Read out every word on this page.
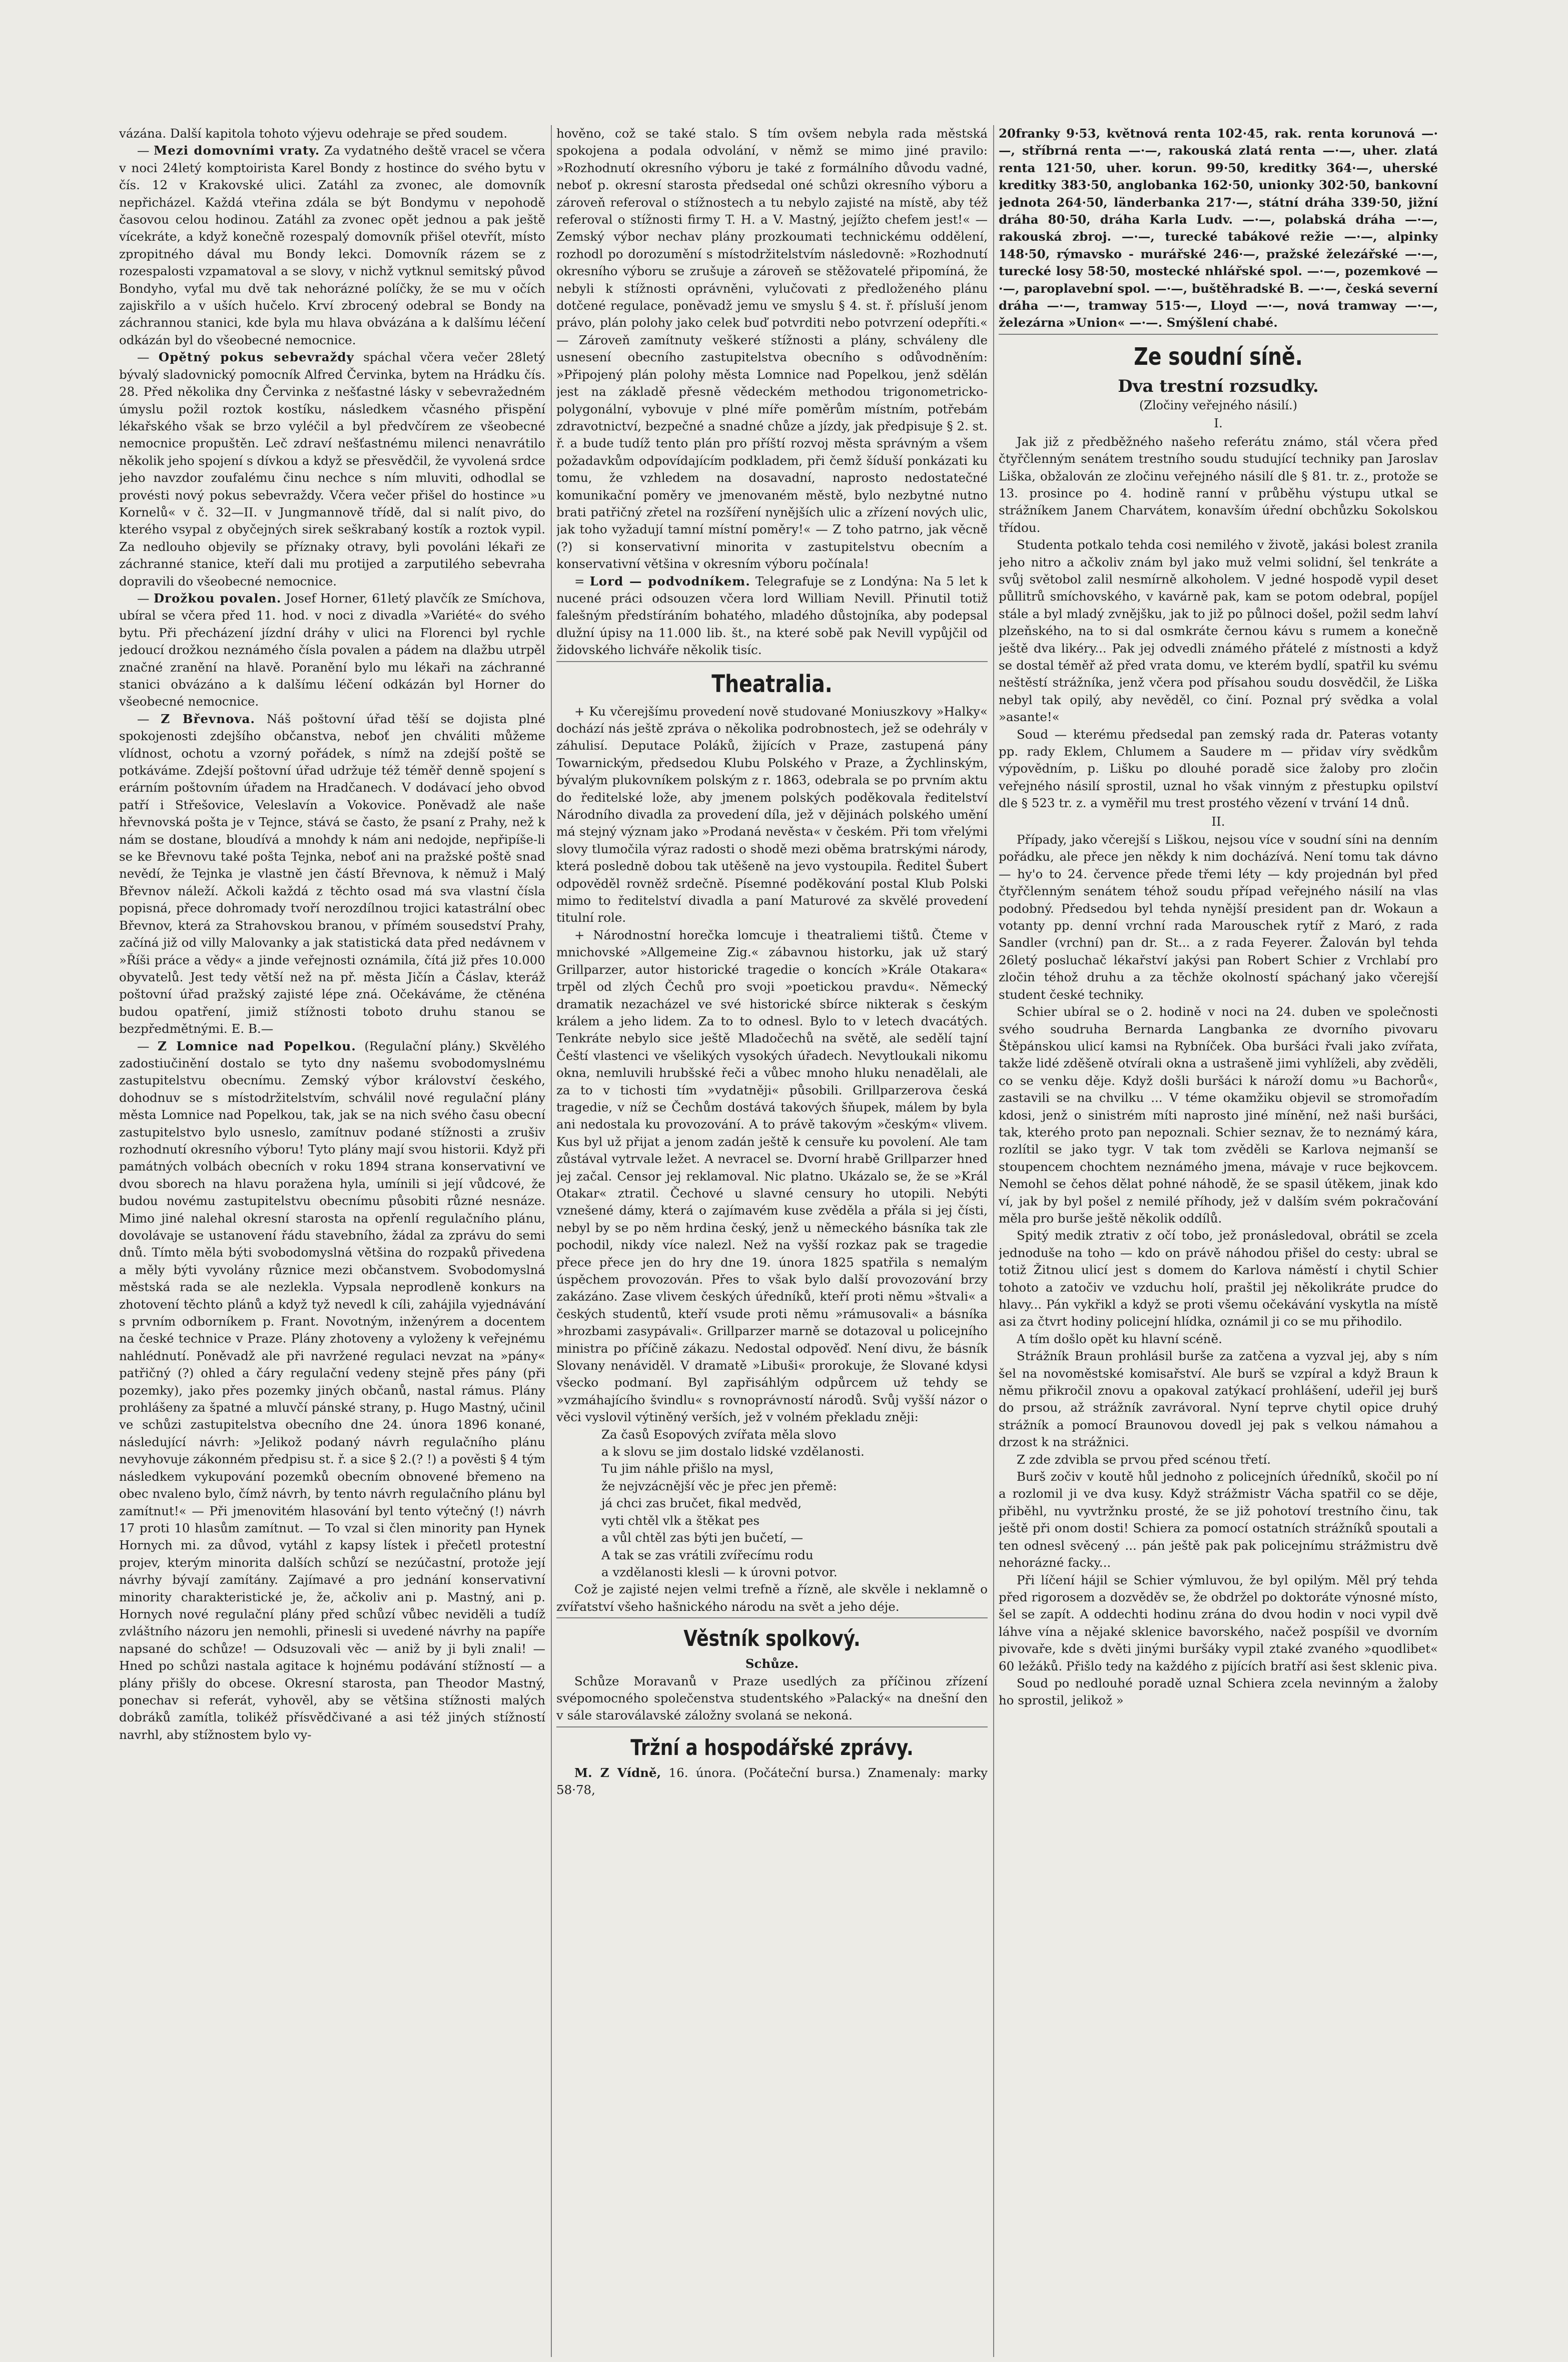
vázána. Další kapitola tohoto výjevu odehraje se před soudem.

— Mezi domovními vraty. Za vydatného deště vracel se včera v noci 24letý komptoirista Karel Bondy z hostince do svého bytu v čís. 12 v Krakovské ulici. Zatáhl za zvonec, ale domovník nepřicházel. Každá vteřina zdála se být Bondymu v nepohodě časovou celou hodinou. Zatáhl za zvonec opět jednou a pak ještě vícekráte, a když konečně rozespalý domovník přišel otevřít, místo zpropitného dával mu Bondy lekci. Domovník rázem se z rozespalosti vzpamatoval a se slovy, v nichž vytknul semitský původ Bondyho, vyťal mu dvě tak nehorázné políčky, že se mu v očích zajiskřilo a v uších hučelo. Krví zbrocený odebral se Bondy na záchrannou stanici, kde byla mu hlava obvázána a k dalšímu léčení odkázán byl do všeobecné nemocnice.

— Opětný pokus sebevraždy spáchal včera večer 28letý bývalý sladovnický pomocník Alfred Červinka, bytem na Hrádku čís. 28. Před několika dny Červinka z nešťastné lásky v sebevražedném úmyslu požil roztok kostíku, následkem včasného přispění lékařského však se brzo vyléčil a byl předvčírem ze všeobecné nemocnice propuštěn. Leč zdraví nešťastnému milenci nenavrátilo několik jeho spojení s dívkou a když se přesvědčil, že vyvolená srdce jeho navzdor zoufalému činu nechce s ním mluviti, odhodlal se provésti nový pokus sebevraždy. Včera večer přišel do hostince »u Kornelů« v č. 32—II. v Jungmannově třídě, dal si nalít pivo, do kterého vsypal z obyčejných sirek seškrabaný kostík a roztok vypil. Za nedlouho objevily se příznaky otravy, byli povoláni lékaři ze záchranné stanice, kteří dali mu protijed a zarputilého sebevraha dopravili do všeobecné nemocnice.

— Drožkou povalen. Josef Horner, 61letý plavčík ze Smíchova, ubíral se včera před 11. hod. v noci z divadla »Variété« do svého bytu. Při přecházení jízdní dráhy v ulici na Florenci byl rychle jedoucí drožkou neznámého čísla povalen a pádem na dlažbu utrpěl značné zranění na hlavě. Poranění bylo mu lékaři na záchranné stanici obvázáno a k dalšímu léčení odkázán byl Horner do všeobecné nemocnice.

— Z Břevnova. Náš poštovní úřad těší se dojista plné spokojenosti zdejšího občanstva, neboť jen chváliti můžeme vlídnost, ochotu a vzorný pořádek, s nímž na zdejší poště se potkáváme. Zdejší poštovní úřad udržuje též téměř denně spojení s erárním poštovním úřadem na Hradčanech. V dodávací jeho obvod patří i Střešovice, Veleslavín a Vokovice. Poněvadž ale naše hřevnovská pošta je v Tejnce, stává se často, že psaní z Prahy, než k nám se dostane, bloudívá a mnohdy k nám ani nedojde, nepřipíše-li se ke Břevnovu také pošta Tejnka, neboť ani na pražské poště snad nevědí, že Tejnka je vlastně jen částí Břevnova, k němuž i Malý Břevnov náleží. Ačkoli každá z těchto osad má sva vlastní čísla popisná, přece dohromady tvoří nerozdílnou trojici katastrální obec Břevnov, která za Strahovskou branou, v přímém sousedství Prahy, začíná již od villy Malovanky a jak statistická data před nedávnem v »Říši práce a vědy« a jinde veřejnosti oznámila, čítá již přes 10.000 obyvatelů. Jest tedy větší než na př. města Jičín a Čáslav, kteráž poštovní úřad pražský zajisté lépe zná. Očekáváme, že ctěnéna budou opatření, jimiž stížnosti toboto druhu stanou se bezpředmětnými. E. B.—

— Z Lomnice nad Popelkou. (Regulační plány.) Skvělého zadostiučinění dostalo se tyto dny našemu svobodomyslnému zastupitelstvu obecnímu. Zemský výbor království českého, dohodnuv se s místodržitelstvím, schválil nové regulační plány města Lomnice nad Popelkou, tak, jak se na nich svého času obecní zastupitelstvo bylo usneslo, zamítnuv podané stížnosti a zrušiv rozhodnutí okresního výboru! Tyto plány mají svou historii. Když při památných volbách obecních v roku 1894 strana konservativní ve dvou sborech na hlavu poražena hyla, umínili si její vůdcové, že budou novému zastupitelstvu obecnímu působiti různé nesnáze. Mimo jiné nalehal okresní starosta na opřenlí regulačního plánu, dovolávaje se ustanovení řádu stavebního, žádal za zprávu do semi dnů. Tímto měla býti svobodomyslná většina do rozpaků přivedena a měly býti vyvolány různice mezi občanstvem. Svobodomyslná městská rada se ale nezlekla. Vypsala neprodleně konkurs na zhotovení těchto plánů a když tyž nevedl k cíli, zahájila vyjednávání s prvním odborníkem p. Frant. Novotným, inženýrem a docentem na české technice v Praze. Plány zhotoveny a vyloženy k veřejnému nahlédnutí. Poněvadž ale při navržené regulaci nevzat na »pány« patřičný (?) ohled a čáry regulační vedeny stejně přes pány (při pozemky), jako přes pozemky jiných občanů, nastal rámus. Plány prohlášeny za špatné a mluvčí pánské strany, p. Hugo Mastný, učinil ve schůzi zastupitelstva obecního dne 24. února 1896 konané, následující návrh: »Jelikož podaný návrh regulačního plánu nevyhovuje zákonném předpisu st. ř. a sice § 2.(? !) a pověsti § 4 tým následkem vykupování pozemků obecním obnovené břemeno na obec nvaleno bylo, čímž návrh, by tento návrh regulačního plánu byl zamítnut!« — Při jmenovitém hlasování byl tento výtečný (!) návrh 17 proti 10 hlasům zamítnut. — To vzal si člen minority pan Hynek Hornych mi. za důvod, vytáhl z kapsy lístek i přečetl protestní projev, kterým minorita dalších schůzí se nezúčastní, protože její návrhy bývají zamítány. Zajímavé a pro jednání konservativní minority charakteristické je, že, ačkoliv ani p. Mastný, ani p. Hornych nové regulační plány před schůzí vůbec neviděli a tudíž zvláštního názoru jen nemohli, přinesli si uvedené návrhy na papíře napsané do schůze! — Odsuzovali věc — aniž by ji byli znali! — Hned po schůzi nastala agitace k hojnému podávání stížností — a plány přišly do obcese. Okresní starosta, pan Theodor Mastný, ponechav si referát, vyhověl, aby se většina stížnosti malých dobráků zamítla, tolikéž přísvědčivané a asi též jiných stížností navrhl, aby stížnostem bylo vy-

hověno, což se také stalo. S tím ovšem nebyla rada městská spokojena a podala odvolání, v němž se mimo jiné pravilo: »Rozhodnutí okresního výboru je také z formálního důvodu vadné, neboť p. okresní starosta předsedal oné schůzi okresního výboru a zároveň referoval o stížnostech a tu nebylo zajisté na místě, aby též referoval o stížnosti firmy T. H. a V. Mastný, jejížto chefem jest!« — Zemský výbor nechav plány prozkoumati technickému oddělení, rozhodl po dorozumění s místodržitelstvím následovně: »Rozhodnutí okresního výboru se zrušuje a zároveň se stěžovatelé připomíná, že nebyli k stížnosti oprávněni, vylučovati z předloženého plánu dotčené regulace, poněvadž jemu ve smyslu § 4. st. ř. přísluší jenom právo, plán polohy jako celek buď potvrditi nebo potvrzení odepříti.« — Zároveň zamítnuty veškeré stížnosti a plány, schváleny dle usnesení obecního zastupitelstva obecního s odůvodněním: »Připojený plán polohy města Lomnice nad Popelkou, jenž sdělán jest na základě přesně vědeckém methodou trigonometricko-polygonální, vybovuje v plné míře poměrům místním, potřebám zdravotnictví, bezpečné a snadné chůze a jízdy, jak předpisuje § 2. st. ř. a bude tudíž tento plán pro příští rozvoj města správným a všem požadavkům odpovídajícím podkladem, při čemž šíduší ponkázati ku tomu, že vzhledem na dosavadní, naprosto nedostatečné komunikační poměry ve jmenovaném městě, bylo nezbytné nutno brati patřičný zřetel na rozšíření nynějších ulic a zřízení nových ulic, jak toho vyžadují tamní místní poměry!« — Z toho patrno, jak věcně (?) si konservativní minorita v zastupitelstvu obecním a konservativní většina v okresním výboru počínala!

= Lord — podvodníkem. Telegrafuje se z Londýna: Na 5 let k nucené práci odsouzen včera lord William Nevill. Přinutil totiž falešným předstíráním bohatého, mladého důstojníka, aby podepsal dlužní úpisy na 11.000 lib. št., na které sobě pak Nevill vypůjčil od židovského lichváře několik tisíc.

Theatralia.

+ Ku včerejšímu provedení nově studované Moniuszkovy »Halky« dochází nás ještě zpráva o několika podrobnostech, jež se odehrály v záhulisí. Deputace Poláků, žijících v Praze, zastupená pány Towarnickým, předsedou Klubu Polského v Praze, a Żychlinským, bývalým plukovníkem polským z r. 1863, odebrala se po prvním aktu do ředitelské lože, aby jmenem polských poděkovala ředitelství Národního divadla za provedení díla, jež v dějinách polského umění má stejný význam jako »Prodaná nevěsta« v českém. Při tom vřelými slovy tlumočila výraz radosti o shodě mezi oběma bratrskými národy, která posledně dobou tak utěšeně na jevo vystoupila. Ředitel Šubert odpověděl rovněž srdečně. Písemné poděkování postal Klub Polski mimo to ředitelství divadla a paní Maturové za skvělé provedení titulní role.

+ Národnostní horečka lomcuje i theatraliemi tištů. Čteme v mnichovské »Allgemeine Zig.« zábavnou historku, jak už starý Grillparzer, autor historické tragedie o koncích »Krále Otakara« trpěl od zlých Čechů pro svoji »poetickou pravdu«. Německý dramatik nezacházel ve své historické sbírce nikterak s českým králem a jeho lidem. Za to to odnesl. Bylo to v letech dvacátých. Tenkráte nebylo sice ještě Mladočechů na světě, ale sedělí tajní Čeští vlastenci ve všelikých vysokých úřadech. Nevytloukali nikomu okna, nemluvili hrubšské řeči a vůbec mnoho hluku nenadělali, ale za to v tichosti tím »vydatněji« působili. Grillparzerova česká tragedie, v níž se Čechům dostává takových šňupek, málem by byla ani nedostala ku provozování. A to právě takovým »českým« vlivem. Kus byl už přijat a jenom zadán ještě k censuře ku povolení. Ale tam zůstával vytrvale ležet. A nevracel se. Dvorní hrabě Grillparzer hned jej začal. Censor jej reklamoval. Nic platno. Ukázalo se, že se »Král Otakar« ztratil. Čechové u slavné censury ho utopili. Nebýti vznešené dámy, která o zajímavém kuse zvěděla a přála si jej čísti, nebyl by se po něm hrdina český, jenž u německého básníka tak zle pochodil, nikdy více nalezl. Než na vyšší rozkaz pak se tragedie přece přece jen do hry dne 19. února 1825 spatřila s nemalým úspěchem provozován. Přes to však bylo další provozování brzy zakázáno. Zase vlivem českých úředníků, kteří proti němu »štvali« a českých studentů, kteří vsude proti němu »rámusovali« a básníka »hrozbami zasypávali«. Grillparzer marně se dotazoval u policejního ministra po příčině zákazu. Nedostal odpověď. Není divu, že básník Slovany nenáviděl. V dramatě »Libuši« prorokuje, že Slované kdysi všecko podmaní. Byl zapřisáhlým odpůrcem už tehdy se »vzmáhajícího švindlu« s rovnoprávností národů. Svůj vyšší názor o věci vyslovil výtiněný verších, jež v volném překladu zněji:

Za časů Esopových zvířata měla slovo
a k slovu se jim dostalo lidské vzdělanosti.
Tu jim náhle přišlo na mysl,
že nejvzácnější věc je přec jen přemě:
já chci zas bručet, fikal medvěd,
vyti chtěl vlk a štěkat pes
a vůl chtěl zas býti jen bučetí, —
A tak se zas vrátili zvířecímu rodu
a vzdělanosti klesli — k úrovni potvor.

Což je zajisté nejen velmi trefně a řízně, ale skvěle i neklamně o zvířatství všeho hašnického národu na svět a jeho déje.

Věstník spolkový.
Schůze.

Schůze Moravanů v Praze usedlých za příčinou zřízení svépomocného společenstva studentského »Palacký« na dnešní den v sále staroválavské záložny svolaná se nekoná.

Tržní a hospodářské zprávy.

M. Z Vídně, 16. února. (Počáteční bursa.) Znamenaly: marky 58·78,

20franky 9·53, květnová renta 102·45, rak. renta korunová —·—, stříbrná renta —·—, rakouská zlatá renta —·—, uher. zlatá renta 121·50, uher. korun. 99·50, kreditky 364·—, uherské kreditky 383·50, anglobanka 162·50, unionky 302·50, bankovní jednota 264·50, länderbanka 217·—, státní dráha 339·50, jižní dráha 80·50, dráha Karla Ludv. —·—, polabská dráha —·—, rakouská zbroj. —·—, turecké tabákové režie —·—, alpinky 148·50, rýmavsko - murářské 246·—, pražské železářské —·—, turecké losy 58·50, mostecké nhlářské spol. —·—, pozemkové —·—, paroplavební spol. —·—, buštěhradské B. —·—, česká severní dráha —·—, tramway 515·—, Lloyd —·—, nová tramway —·—, železárna »Union« —·—. Smýšlení chabé.

Ze soudní síně.
Dva trestní rozsudky.
(Zločiny veřejného násilí.)
I.

Jak již z předběžného našeho referátu známo, stál včera před čtyřčlenným senátem trestního soudu studující techniky pan Jaroslav Liška, obžalován ze zločinu veřejného násilí dle § 81. tr. z., protože se 13. prosince po 4. hodině ranní v průběhu výstupu utkal se strážníkem Janem Charvátem, konavším úřední obchůzku Sokolskou třídou.

Studenta potkalo tehda cosi nemilého v životě, jakási bolest zranila jeho nitro a ačkoliv znám byl jako muž velmi solidní, šel tenkráte a svůj světobol zalil nesmírně alkoholem. V jedné hospodě vypil deset půllitrů smíchovského, v kavárně pak, kam se potom odebral, popíjel stále a byl mladý zvnějšku, jak to již po půlnoci došel, požil sedm lahví plzeňského, na to si dal osmkráte černou kávu s rumem a konečně ještě dva likéry... Pak jej odvedli známého přátelé z místnosti a když se dostal téměř až před vrata domu, ve kterém bydlí, spatřil ku svému neštěstí strážníka, jenž včera pod přísahou soudu dosvědčil, že Liška nebyl tak opilý, aby nevěděl, co činí. Poznal prý svědka a volal »asante!«

Soud — kterému předsedal pan zemský rada dr. Pateras votanty pp. rady Eklem, Chlumem a Saudere m — přidav víry svědkům výpovědním, p. Lišku po dlouhé poradě sice žaloby pro zločin veřejného násilí sprostil, uznal ho však vinným z přestupku opilství dle § 523 tr. z. a vyměřil mu trest prostého vězení v trvání 14 dnů.

II.

Případy, jako včerejší s Liškou, nejsou více v soudní síni na denním pořádku, ale přece jen někdy k nim docházívá. Není tomu tak dávno — hy'o to 24. července přede třemi léty — kdy projednán byl před čtyřčlenným senátem téhož soudu případ veřejného násilí na vlas podobný. Předsedou byl tehda nynější president pan dr. Wokaun a votanty pp. denní vrchní rada Marouschek rytíř z Maró, z rada Sandler (vrchní) pan dr. St... a z rada Feyerer. Žalován byl tehda 26letý posluchač lékařství jakýsi pan Robert Schier z Vrchlabí pro zločin téhož druhu a za těchže okolností spáchaný jako včerejší student české techniky.

Schier ubíral se o 2. hodině v noci na 24. duben ve společnosti svého soudruha Bernarda Langbanka ze dvorního pivovaru Štěpánskou ulicí kamsi na Rybníček. Oba buršáci řvali jako zvířata, takže lidé zděšeně otvírali okna a ustrašeně jimi vyhlíželi, aby zvěděli, co se venku děje. Když došli buršáci k nároží domu »u Bachorů«, zastavili se na chvilku ... V téme okamžiku objevil se stromořadím kdosi, jenž o sinistrém míti naprosto jiné mínění, než naši buršáci, tak, kterého proto pan nepoznali. Schier seznav, že to neznámý kára, rozlítil se jako tygr. V tak tom zvěděli se Karlova nejmanší se stoupencem chochtem neznámého jmena, mávaje v ruce bejkovcem. Nemohl se čehos dělat pohné náhodě, že se spasil útěkem, jinak kdo ví, jak by byl pošel z nemilé příhody, jež v dalším svém pokračování měla pro burše ještě několik oddílů.

Spitý medik ztrativ z očí tobo, jež pronásledoval, obrátil se zcela jednoduše na toho — kdo on právě náhodou přišel do cesty: ubral se totiž Žitnou ulicí jest s domem do Karlova náměstí i chytil Schier tohoto a zatočiv ve vzduchu holí, praštil jej několikráte prudce do hlavy... Pán vykřikl a když se proti všemu očekávání vyskytla na místě asi za čtvrt hodiny policejní hlídka, oznámil ji co se mu přihodilo.

A tím došlo opět ku hlavní scéně.

Strážník Braun prohlásil burše za zatčena a vyzval jej, aby s ním šel na novoměstské komisařství. Ale burš se vzpíral a když Braun k němu přikročil znovu a opakoval zatýkací prohlášení, udeřil jej burš do prsou, až strážník zavrávoral. Nyní teprve chytil opice druhý strážník a pomocí Braunovou dovedl jej pak s velkou námahou a drzost k na strážnici.

Z zde zdvibla se prvou před scénou třetí.

Burš zočiv v koutě hůl jednoho z policejních úředníků, skočil po ní a rozlomil ji ve dva kusy. Když strážmistr Vácha spatřil co se děje, přiběhl, nu vyvtržnku prosté, že se již pohotoví trestního činu, tak ještě při onom dosti! Schiera za pomocí ostatních strážníků spoutali a ten odnesl svěcený ... pán ještě pak pak policejnímu strážmistru dvě nehorázné facky...

Při líčení hájil se Schier výmluvou, že byl opilým. Měl prý tehda před rigorosem a dozvěděv se, že obdržel po doktoráte výnosné místo, šel se zapít. A oddechti hodinu zrána do dvou hodin v noci vypil dvě láhve vína a nějaké sklenice bavorského, načež pospíšil ve dvorním pivovaře, kde s dvěti jinými buršáky vypil ztaké zvaného »quodlibet« 60 ležáků. Přišlo tedy na každého z pijících bratří asi šest sklenic piva.

Soud po nedlouhé poradě uznal Schiera zcela nevinným a žaloby ho sprostil, jelikož »
